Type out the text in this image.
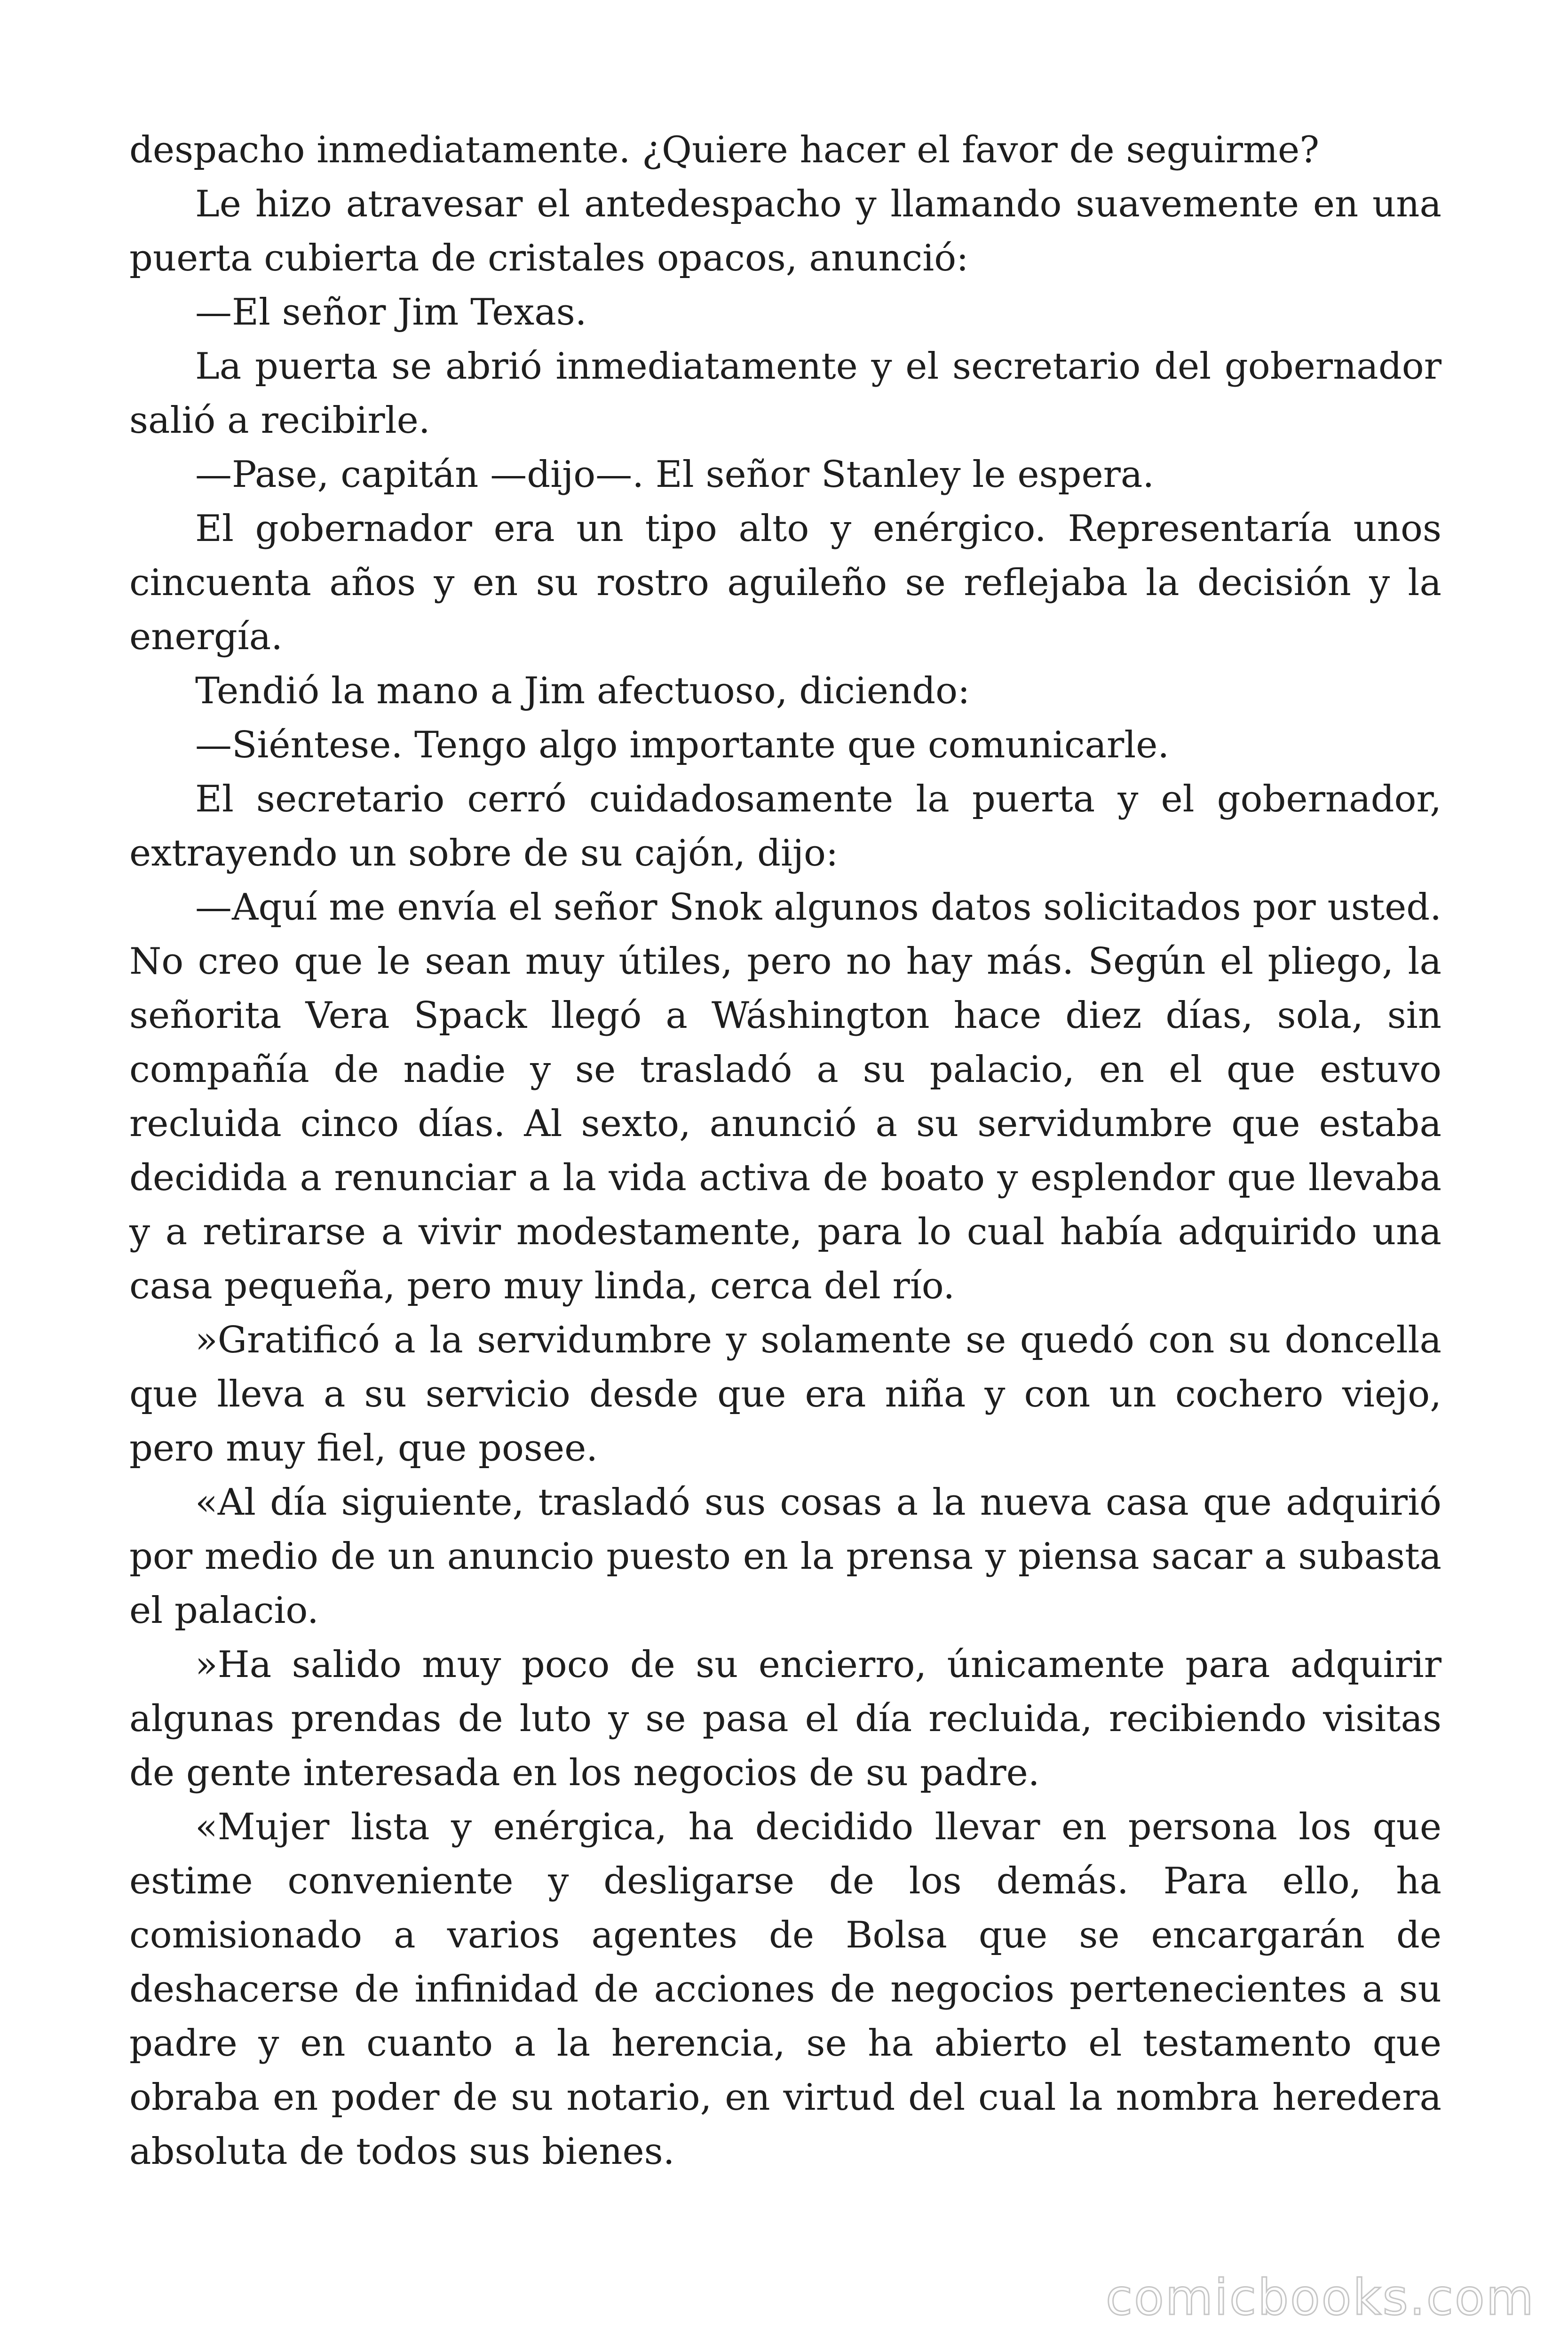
despacho inmediatamente. ¿Quiere hacer el favor de seguirme?

Le hizo atravesar el antedespacho y llamando suavemente en una puerta cubierta de cristales opacos, anunció:

—El señor Jim Texas.

La puerta se abrió inmediatamente y el secretario del gobernador salió a recibirle.

—Pase, capitán —dijo—. El señor Stanley le espera.

El gobernador era un tipo alto y enérgico. Representaría unos cincuenta años y en su rostro aguileño se reflejaba la decisión y la energía.

Tendió la mano a Jim afectuoso, diciendo:

—Siéntese. Tengo algo importante que comunicarle.

El secretario cerró cuidadosamente la puerta y el gobernador, extrayendo un sobre de su cajón, dijo:

—Aquí me envía el señor Snok algunos datos solicitados por usted. No creo que le sean muy útiles, pero no hay más. Según el pliego, la señorita Vera Spack llegó a Wáshington hace diez días, sola, sin compañía de nadie y se trasladó a su palacio, en el que estuvo recluida cinco días. Al sexto, anunció a su servidumbre que estaba decidida a renunciar a la vida activa de boato y esplendor que llevaba y a retirarse a vivir modestamente, para lo cual había adquirido una casa pequeña, pero muy linda, cerca del río.

»Gratificó a la servidumbre y solamente se quedó con su doncella que lleva a su servicio desde que era niña y con un cochero viejo, pero muy fiel, que posee.

«Al día siguiente, trasladó sus cosas a la nueva casa que adquirió por medio de un anuncio puesto en la prensa y piensa sacar a subasta el palacio.

»Ha salido muy poco de su encierro, únicamente para adquirir algunas prendas de luto y se pasa el día recluida, recibiendo visitas de gente interesada en los negocios de su padre.

«Mujer lista y enérgica, ha decidido llevar en persona los que estime conveniente y desligarse de los demás. Para ello, ha comisionado a varios agentes de Bolsa que se encargarán de deshacerse de infinidad de acciones de negocios pertenecientes a su padre y en cuanto a la herencia, se ha abierto el testamento que obraba en poder de su notario, en virtud del cual la nombra heredera absoluta de todos sus bienes.

comicbooks.com
